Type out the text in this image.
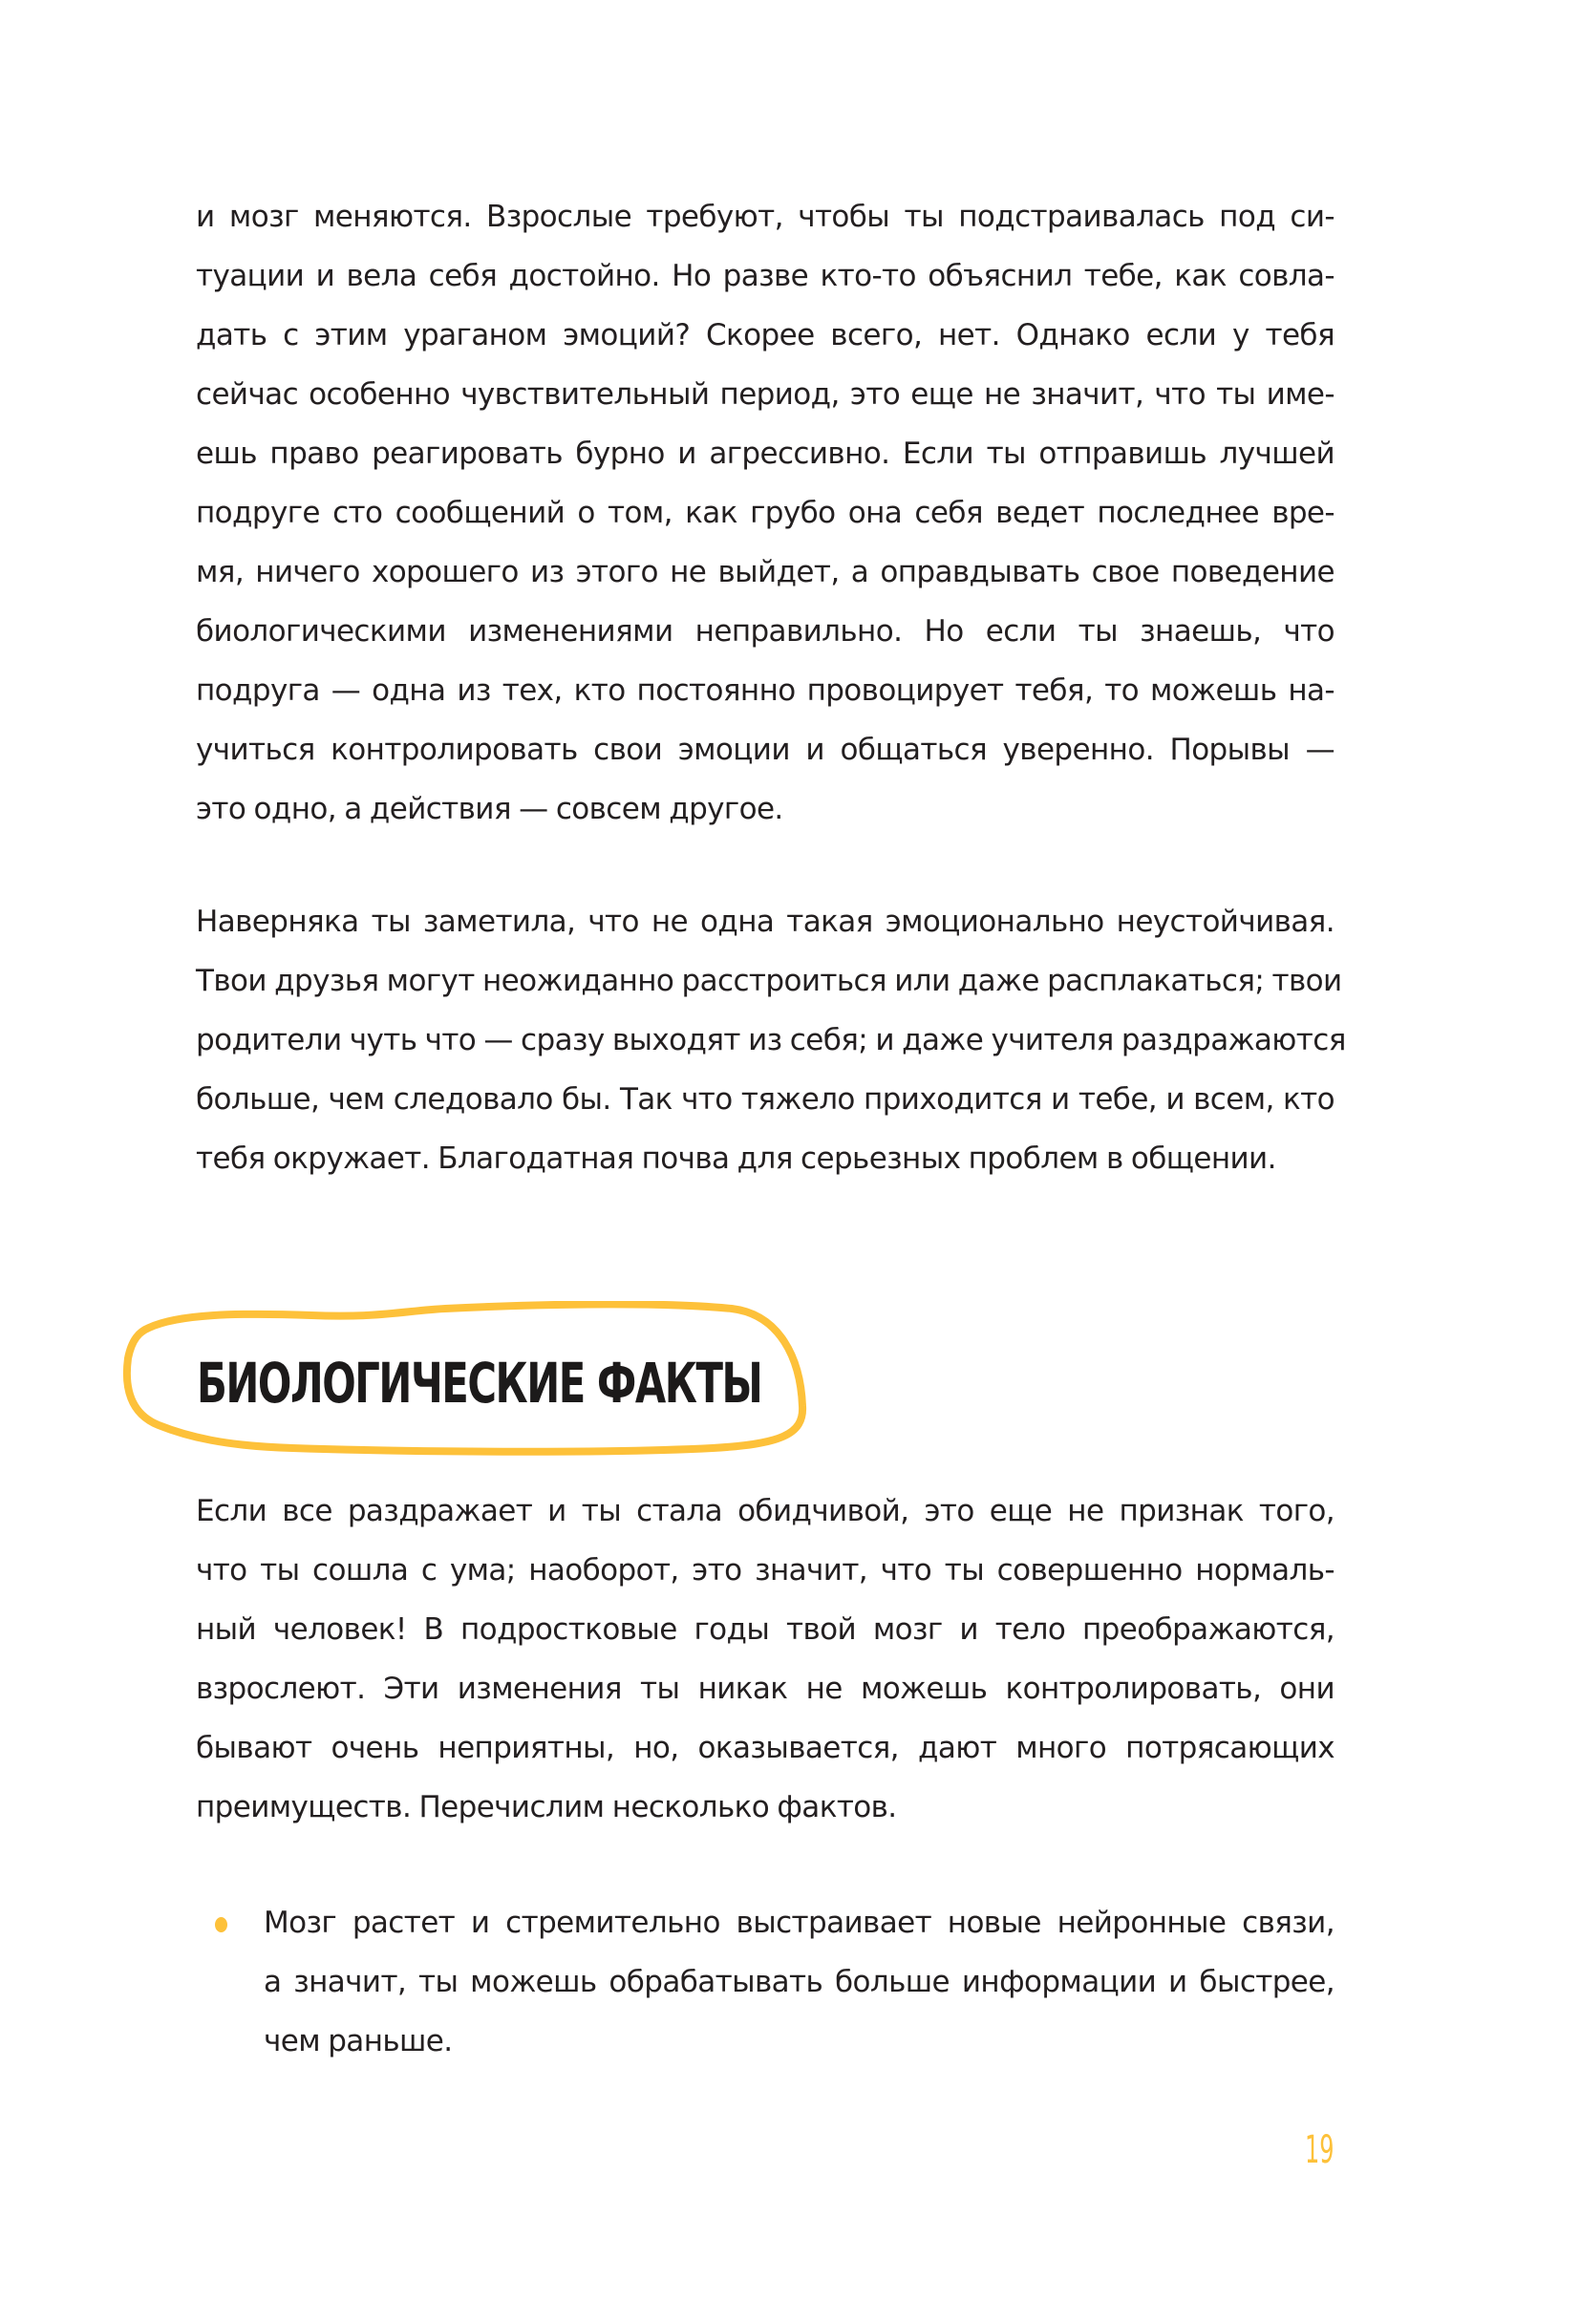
и мозг меняются. Взрослые требуют, чтобы ты подстраивалась под си-
туации и вела себя достойно. Но разве кто-то объяснил тебе, как совла-
дать с этим ураганом эмоций? Скорее всего, нет. Однако если у тебя
сейчас особенно чувствительный период, это еще не значит, что ты име-
ешь право реагировать бурно и агрессивно. Если ты отправишь лучшей
подруге сто сообщений о том, как грубо она себя ведет последнее вре-
мя, ничего хорошего из этого не выйдет, а оправдывать свое поведение
биологическими изменениями неправильно. Но если ты знаешь, что
подруга — одна из тех, кто постоянно провоцирует тебя, то можешь на-
учиться контролировать свои эмоции и общаться уверенно. Порывы —
это одно, а действия — совсем другое.
Наверняка ты заметила, что не одна такая эмоционально неустойчивая.
Твои друзья могут неожиданно расстроиться или даже расплакаться; твои
родители чуть что — сразу выходят из себя; и даже учителя раздражаются
больше, чем следовало бы. Так что тяжело приходится и тебе, и всем, кто
тебя окружает. Благодатная почва для серьезных проблем в общении.
БИОЛОГИЧЕСКИЕ ФАКТЫ
Если все раздражает и ты стала обидчивой, это еще не признак того,
что ты сошла с ума; наоборот, это значит, что ты совершенно нормаль-
ный человек! В подростковые годы твой мозг и тело преображаются,
взрослеют. Эти изменения ты никак не можешь контролировать, они
бывают очень неприятны, но, оказывается, дают много потрясающих
преимуществ. Перечислим несколько фактов.
Мозг растет и стремительно выстраивает новые нейронные связи,
а значит, ты можешь обрабатывать больше информации и быстрее,
чем раньше.
19
